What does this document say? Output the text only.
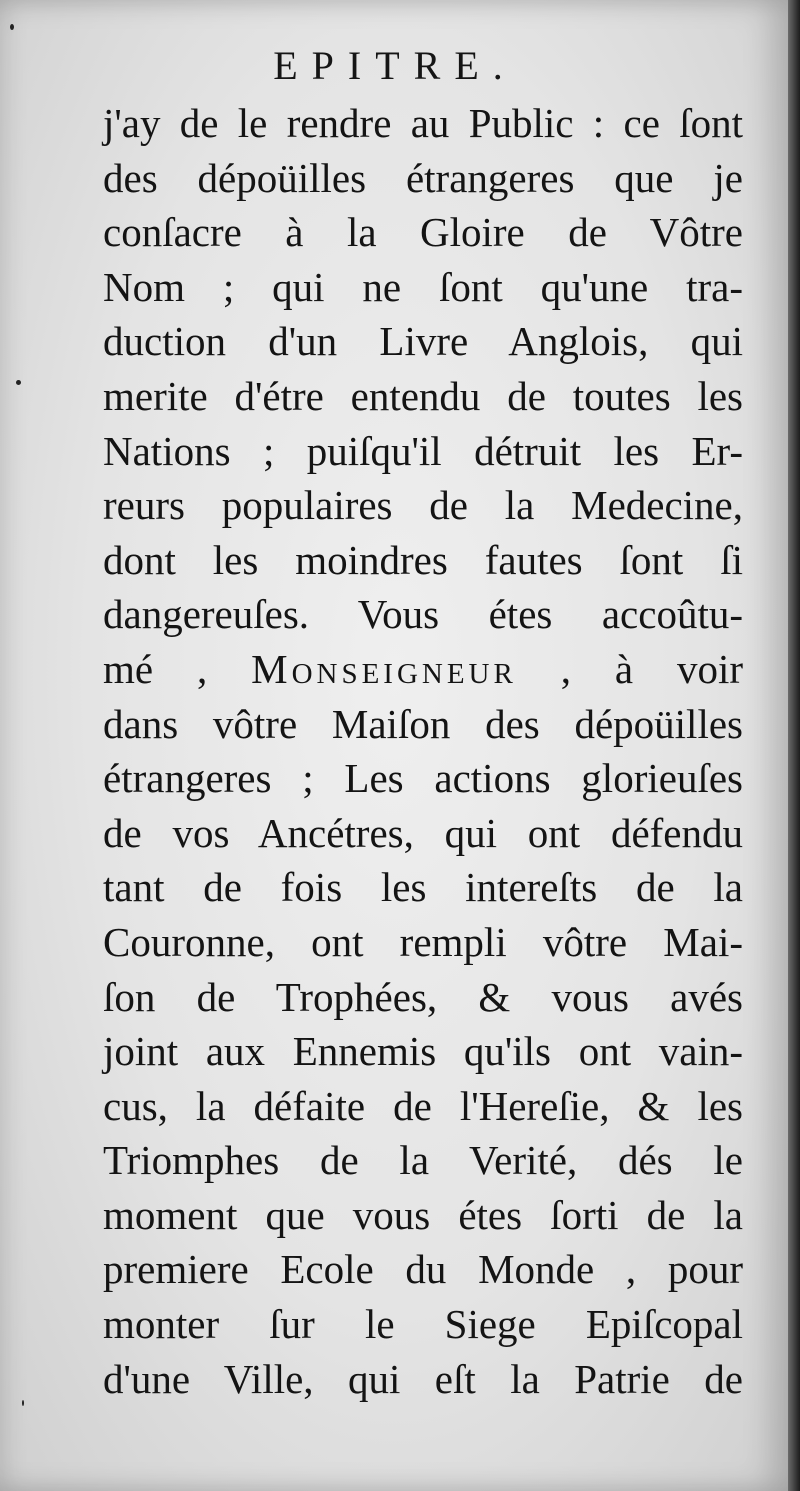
EPITRE.
j'ay de le rendre au Public : ce ſont
des dépoüilles étrangeres que je
conſacre à la Gloire de Vôtre
Nom ; qui ne ſont qu'une tra-
duction d'un Livre Anglois, qui
merite d'étre entendu de toutes les
Nations ; puiſqu'il détruit les Er-
reurs populaires de la Medecine,
dont les moindres fautes ſont ſi
dangereuſes. Vous étes accoûtu-
mé , Monseigneur , à voir
dans vôtre Maiſon des dépoüilles
étrangeres ; Les actions glorieuſes
de vos Ancétres, qui ont défendu
tant de fois les intereſts de la
Couronne, ont rempli vôtre Mai-
ſon de Trophées, & vous avés
joint aux Ennemis qu'ils ont vain-
cus, la défaite de l'Hereſie, & les
Triomphes de la Verité, dés le
moment que vous étes ſorti de la
premiere Ecole du Monde , pour
monter ſur le Siege Epiſcopal
d'une Ville, qui eſt la Patrie de
